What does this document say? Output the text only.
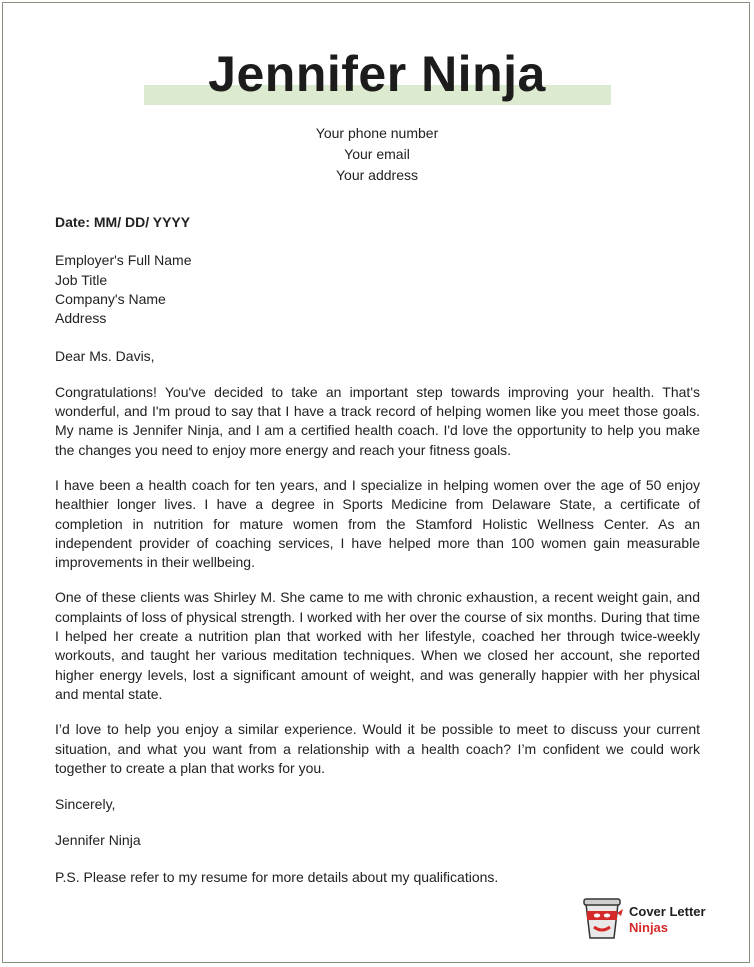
Jennifer Ninja
Your phone number
Your email
Your address
Date: MM/ DD/ YYYY
Employer's Full Name
Job Title
Company's Name
Address
Dear Ms. Davis,
Congratulations! You've decided to take an important step towards improving your health. That's wonderful, and I'm proud to say that I have a track record of helping women like you meet those goals. My name is Jennifer Ninja, and I am a certified health coach. I'd love the opportunity to help you make the changes you need to enjoy more energy and reach your fitness goals.
I have been a health coach for ten years, and I specialize in helping women over the age of 50 enjoy healthier longer lives. I have a degree in Sports Medicine from Delaware State, a certificate of completion in nutrition for mature women from the Stamford Holistic Wellness Center. As an independent provider of coaching services, I have helped more than 100 women gain measurable improvements in their wellbeing.
One of these clients was Shirley M. She came to me with chronic exhaustion, a recent weight gain, and complaints of loss of physical strength. I worked with her over the course of six months. During that time I helped her create a nutrition plan that worked with her lifestyle, coached her through twice-weekly workouts, and taught her various meditation techniques. When we closed her account, she reported higher energy levels, lost a significant amount of weight, and was generally happier with her physical and mental state.
I’d love to help you enjoy a similar experience. Would it be possible to meet to discuss your current situation, and what you want from a relationship with a health coach? I’m confident we could work together to create a plan that works for you.
Sincerely,
Jennifer Ninja
P.S. Please refer to my resume for more details about my qualifications.
Cover Letter
Ninjas
